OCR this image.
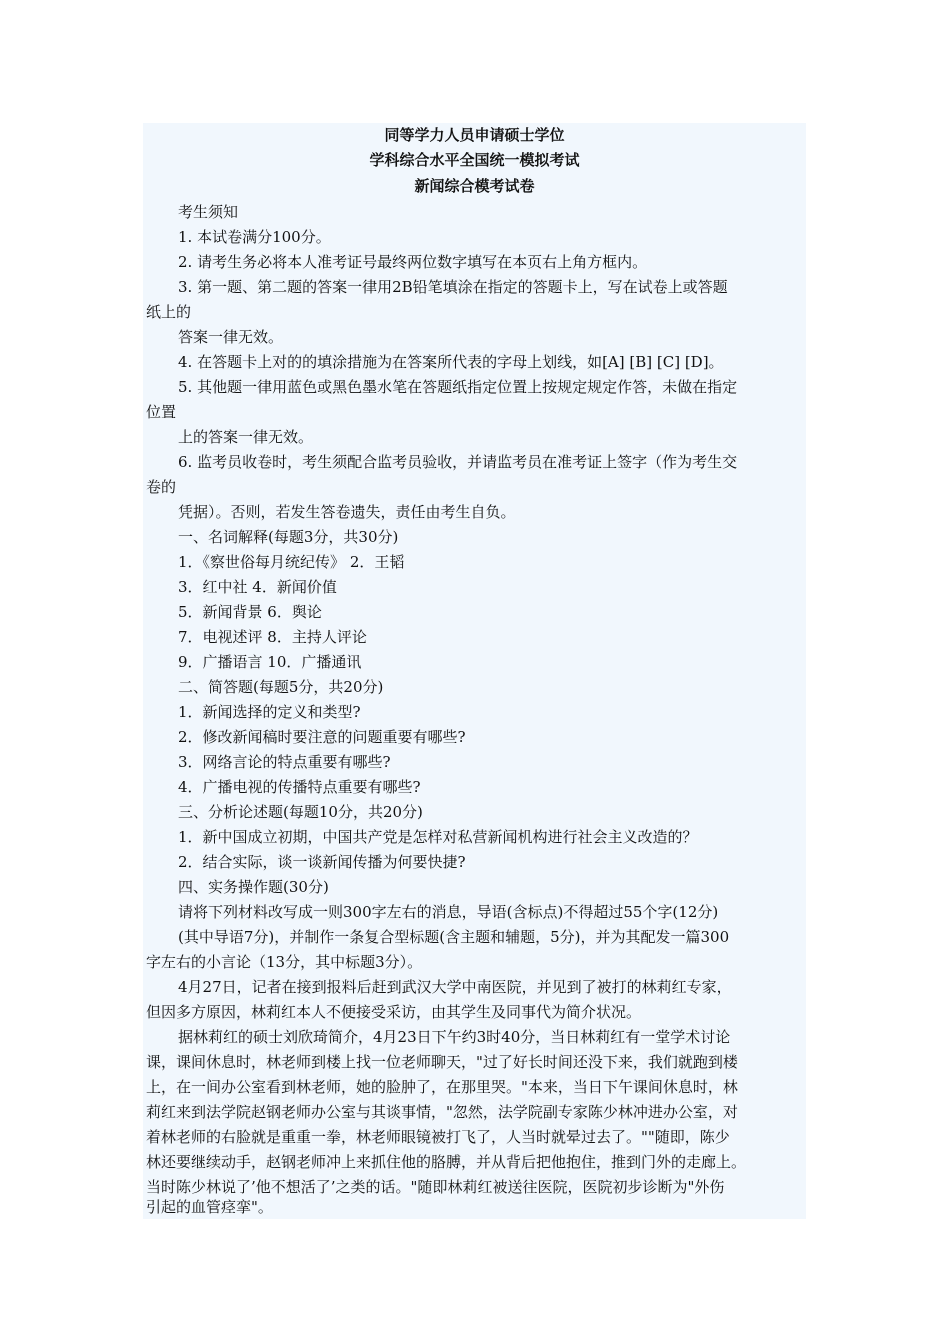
同等学力人员申请硕士学位
学科综合水平全国统一模拟考试
新闻综合模考试卷
考生须知
1. 本试卷满分100分。
2. 请考生务必将本人准考证号最终两位数字填写在本页右上角方框内。
3. 第一题、第二题的答案一律用2B铅笔填涂在指定的答题卡上，写在试卷上或答题
纸上的
答案一律无效。
4. 在答题卡上对的的填涂措施为在答案所代表的字母上划线，如[A] [B] [C] [D]。
5. 其他题一律用蓝色或黑色墨水笔在答题纸指定位置上按规定规定作答，未做在指定
位置
上的答案一律无效。
6. 监考员收卷时，考生须配合监考员验收，并请监考员在准考证上签字（作为考生交
卷的
凭据）。否则，若发生答卷遗失，责任由考生自负。
一、名词解释(每题3分，共30分)
1．《察世俗每月统纪传》 2．王韬
3．红中社 4．新闻价值
5．新闻背景 6．舆论
7．电视述评 8．主持人评论
9．广播语言 10．广播通讯
二、简答题(每题5分，共20分)
1．新闻选择的定义和类型?
2．修改新闻稿时要注意的问题重要有哪些?
3．网络言论的特点重要有哪些?
4．广播电视的传播特点重要有哪些?
三、分析论述题(每题10分，共20分)
1．新中国成立初期，中国共产党是怎样对私营新闻机构进行社会主义改造的？
2．结合实际，谈一谈新闻传播为何要快捷?
四、实务操作题(30分)
请将下列材料改写成一则300字左右的消息，导语(含标点)不得超过55个字(12分)
(其中导语7分)，并制作一条复合型标题(含主题和辅题，5分)，并为其配发一篇300
字左右的小言论（13分，其中标题3分）。
4月27日，记者在接到报料后赶到武汉大学中南医院，并见到了被打的林莉红专家，
但因多方原因，林莉红本人不便接受采访，由其学生及同事代为简介状况。
据林莉红的硕士刘欣琦简介，4月23日下午约3时40分，当日林莉红有一堂学术讨论
课，课间休息时，林老师到楼上找一位老师聊天，"过了好长时间还没下来，我们就跑到楼
上，在一间办公室看到林老师，她的脸肿了，在那里哭。"本来，当日下午课间休息时，林
莉红来到法学院赵钢老师办公室与其谈事情，"忽然，法学院副专家陈少林冲进办公室，对
着林老师的右脸就是重重一拳，林老师眼镜被打飞了，人当时就晕过去了。""随即，陈少
林还要继续动手，赵钢老师冲上来抓住他的胳膊，并从背后把他抱住，推到门外的走廊上。
当时陈少林说了’他不想活了’之类的话。"随即林莉红被送往医院，医院初步诊断为"外伤
引起的血管痉挛"。
